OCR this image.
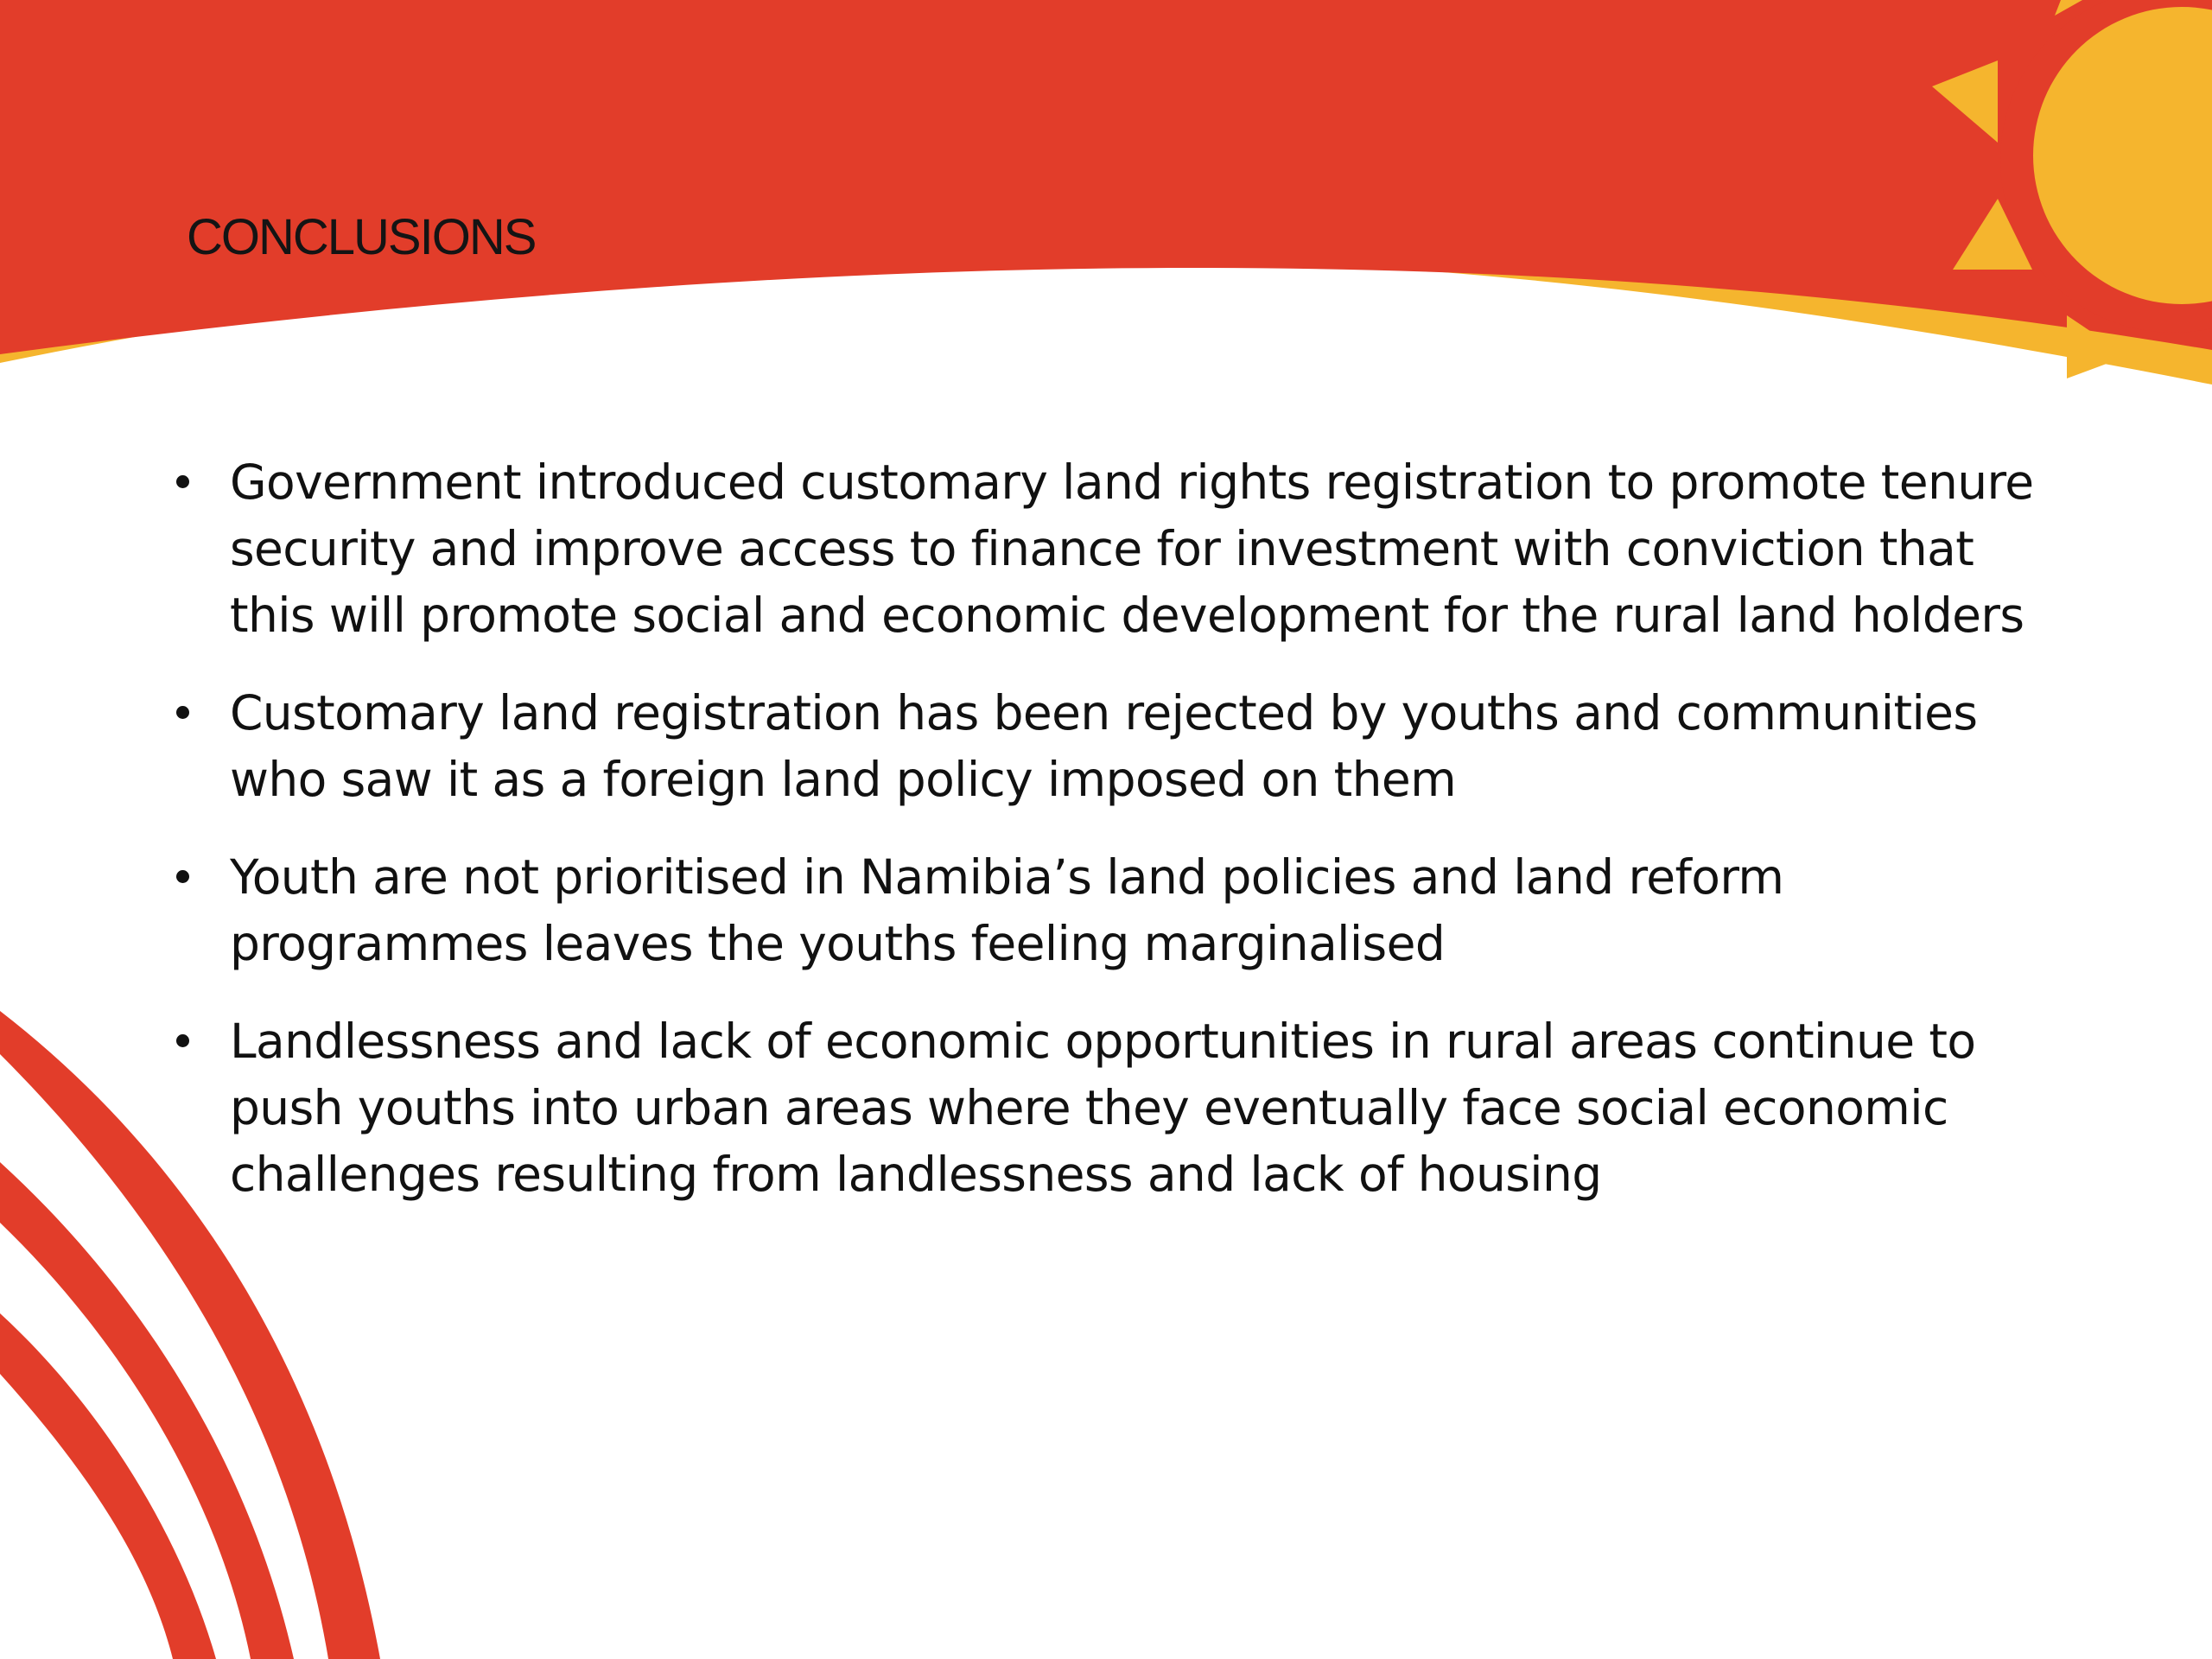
CONCLUSIONS
Government introduced customary land rights registration to promote tenure security and improve access to finance for investment with conviction that this will promote social and economic development for the rural land holders
Customary land registration has been rejected by youths and communities who saw it as a foreign land policy imposed on them
Youth are not prioritised in Namibia’s land policies and land reform programmes leaves the youths feeling marginalised
Landlessness and lack of economic opportunities in rural areas continue to push youths into urban areas where they eventually face social economic challenges resulting from landlessness and lack of housing
